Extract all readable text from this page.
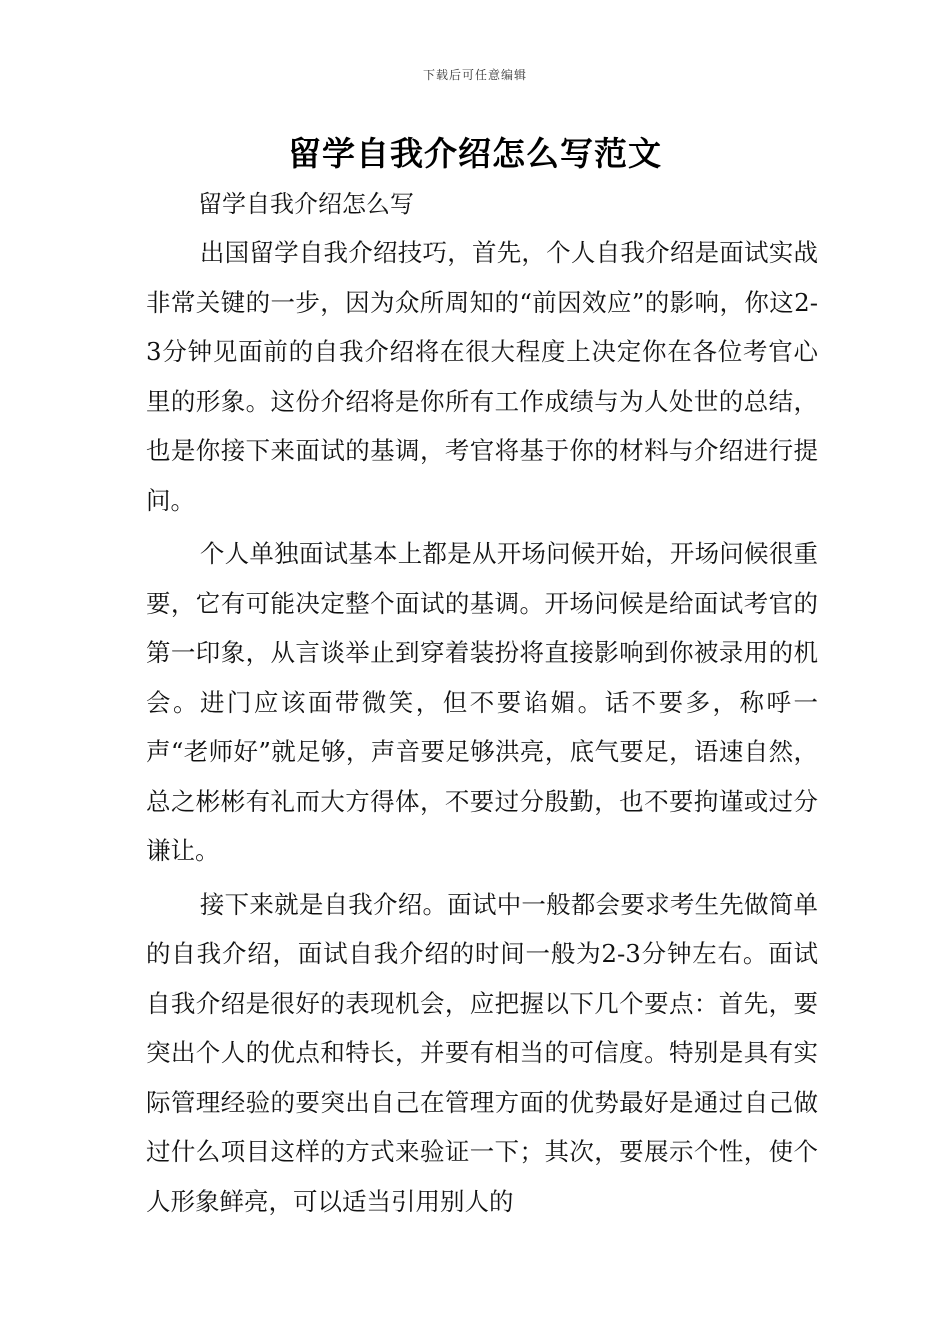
下载后可任意编辑
留学自我介绍怎么写范文
留学自我介绍怎么写

出国留学自我介绍技巧，首先，个人自我介绍是面试实战非常关键的一步，因为众所周知的“前因效应”的影响，你这2-3分钟见面前的自我介绍将在很大程度上决定你在各位考官心里的形象。这份介绍将是你所有工作成绩与为人处世的总结，也是你接下来面试的基调，考官将基于你的材料与介绍进行提问。

个人单独面试基本上都是从开场问候开始，开场问候很重要，它有可能决定整个面试的基调。开场问候是给面试考官的第一印象，从言谈举止到穿着装扮将直接影响到你被录用的机会。进门应该面带微笑，但不要谄媚。话不要多，称呼一声“老师好”就足够，声音要足够洪亮，底气要足，语速自然，总之彬彬有礼而大方得体，不要过分殷勤，也不要拘谨或过分谦让。

接下来就是自我介绍。面试中一般都会要求考生先做简单的自我介绍，面试自我介绍的时间一般为2-3分钟左右。面试自我介绍是很好的表现机会，应把握以下几个要点：首先，要突出个人的优点和特长，并要有相当的可信度。特别是具有实际管理经验的要突出自己在管理方面的优势最好是通过自己做过什么项目这样的方式来验证一下；其次，要展示个性，使个人形象鲜亮，可以适当引用别人的
